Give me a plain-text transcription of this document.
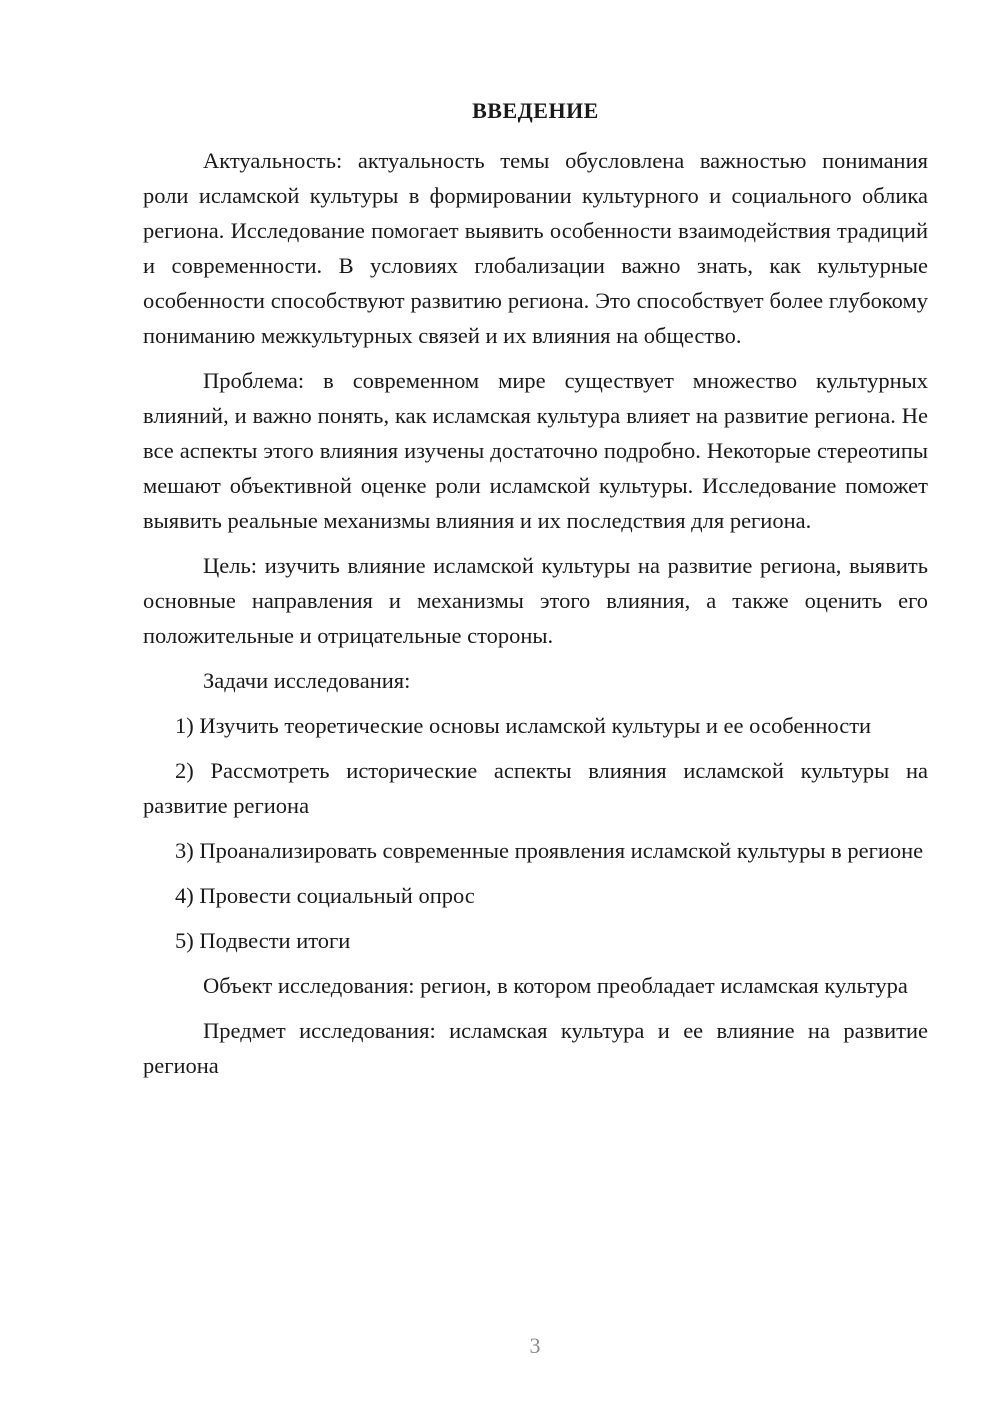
ВВЕДЕНИЕ

Актуальность: актуальность темы обусловлена важностью понимания роли исламской культуры в формировании культурного и социального облика региона. Исследование помогает выявить особенности взаимодействия традиций и современности. В условиях глобализации важно знать, как культурные особенности способствуют развитию региона. Это способствует более глубокому пониманию межкультурных связей и их влияния на общество.

Проблема: в современном мире существует множество культурных влияний, и важно понять, как исламская культура влияет на развитие региона. Не все аспекты этого влияния изучены достаточно подробно. Некоторые стереотипы мешают объективной оценке роли исламской культуры. Исследование поможет выявить реальные механизмы влияния и их последствия для региона.

Цель: изучить влияние исламской культуры на развитие региона, выявить основные направления и механизмы этого влияния, а также оценить его положительные и отрицательные стороны.

Задачи исследования:

1) Изучить теоретические основы исламской культуры и ее особенности

2) Рассмотреть исторические аспекты влияния исламской культуры на развитие региона

3) Проанализировать современные проявления исламской культуры в регионе

4) Провести социальный опрос

5) Подвести итоги

Объект исследования: регион, в котором преобладает исламская культура

Предмет исследования: исламская культура и ее влияние на развитие региона

3
